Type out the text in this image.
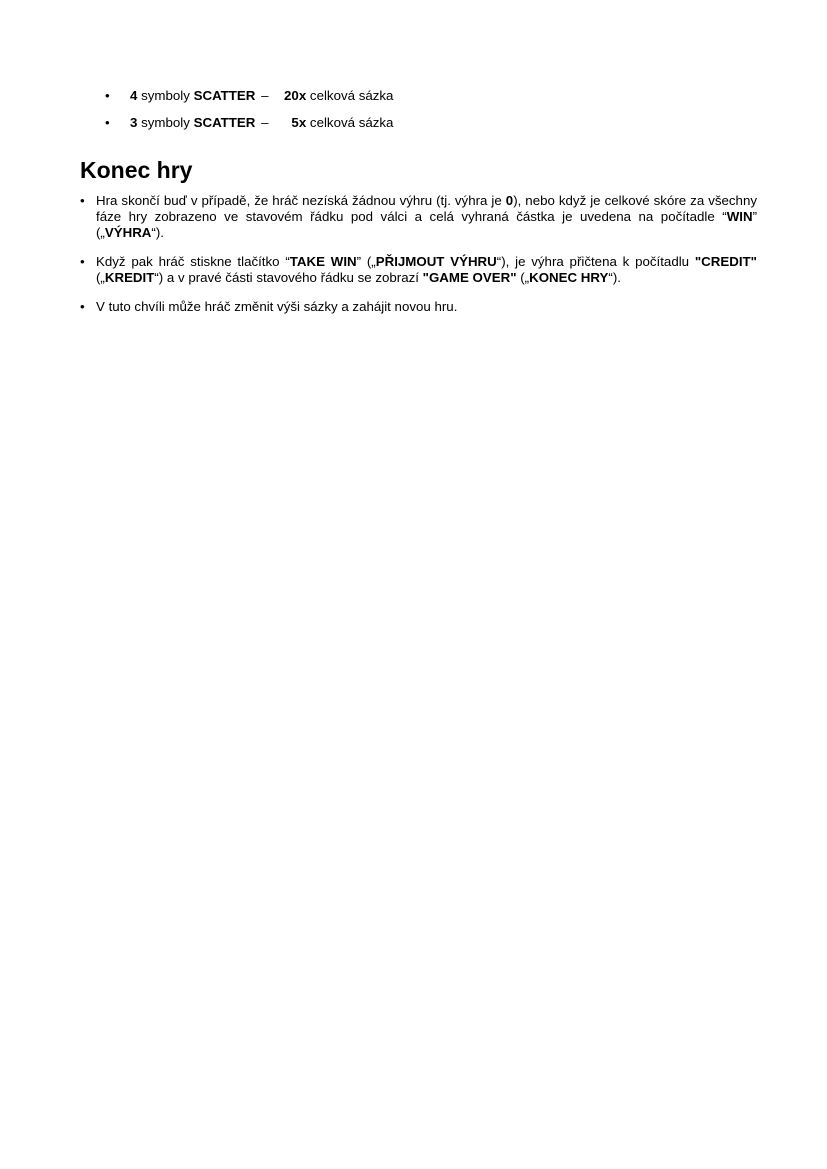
•	4 symboly SCATTER – 20x celková sázka
•	3 symboly SCATTER – 5x celková sázka
Konec hry
• Hra skončí buď v případě, že hráč nezíská žádnou výhru (tj. výhra je 0), nebo když je celkové skóre za všechny fáze hry zobrazeno ve stavovém řádku pod válci a celá vyhraná částka je uvedena na počítadle “WIN” („VÝHRA“).
• Když pak hráč stiskne tlačítko “TAKE WIN” („PŘIJMOUT VÝHRU“), je výhra přičtena k počítadlu "CREDIT" („KREDIT“) a v pravé části stavového řádku se zobrazí "GAME OVER" („KONEC HRY“).
• V tuto chvíli může hráč změnit výši sázky a zahájit novou hru.
